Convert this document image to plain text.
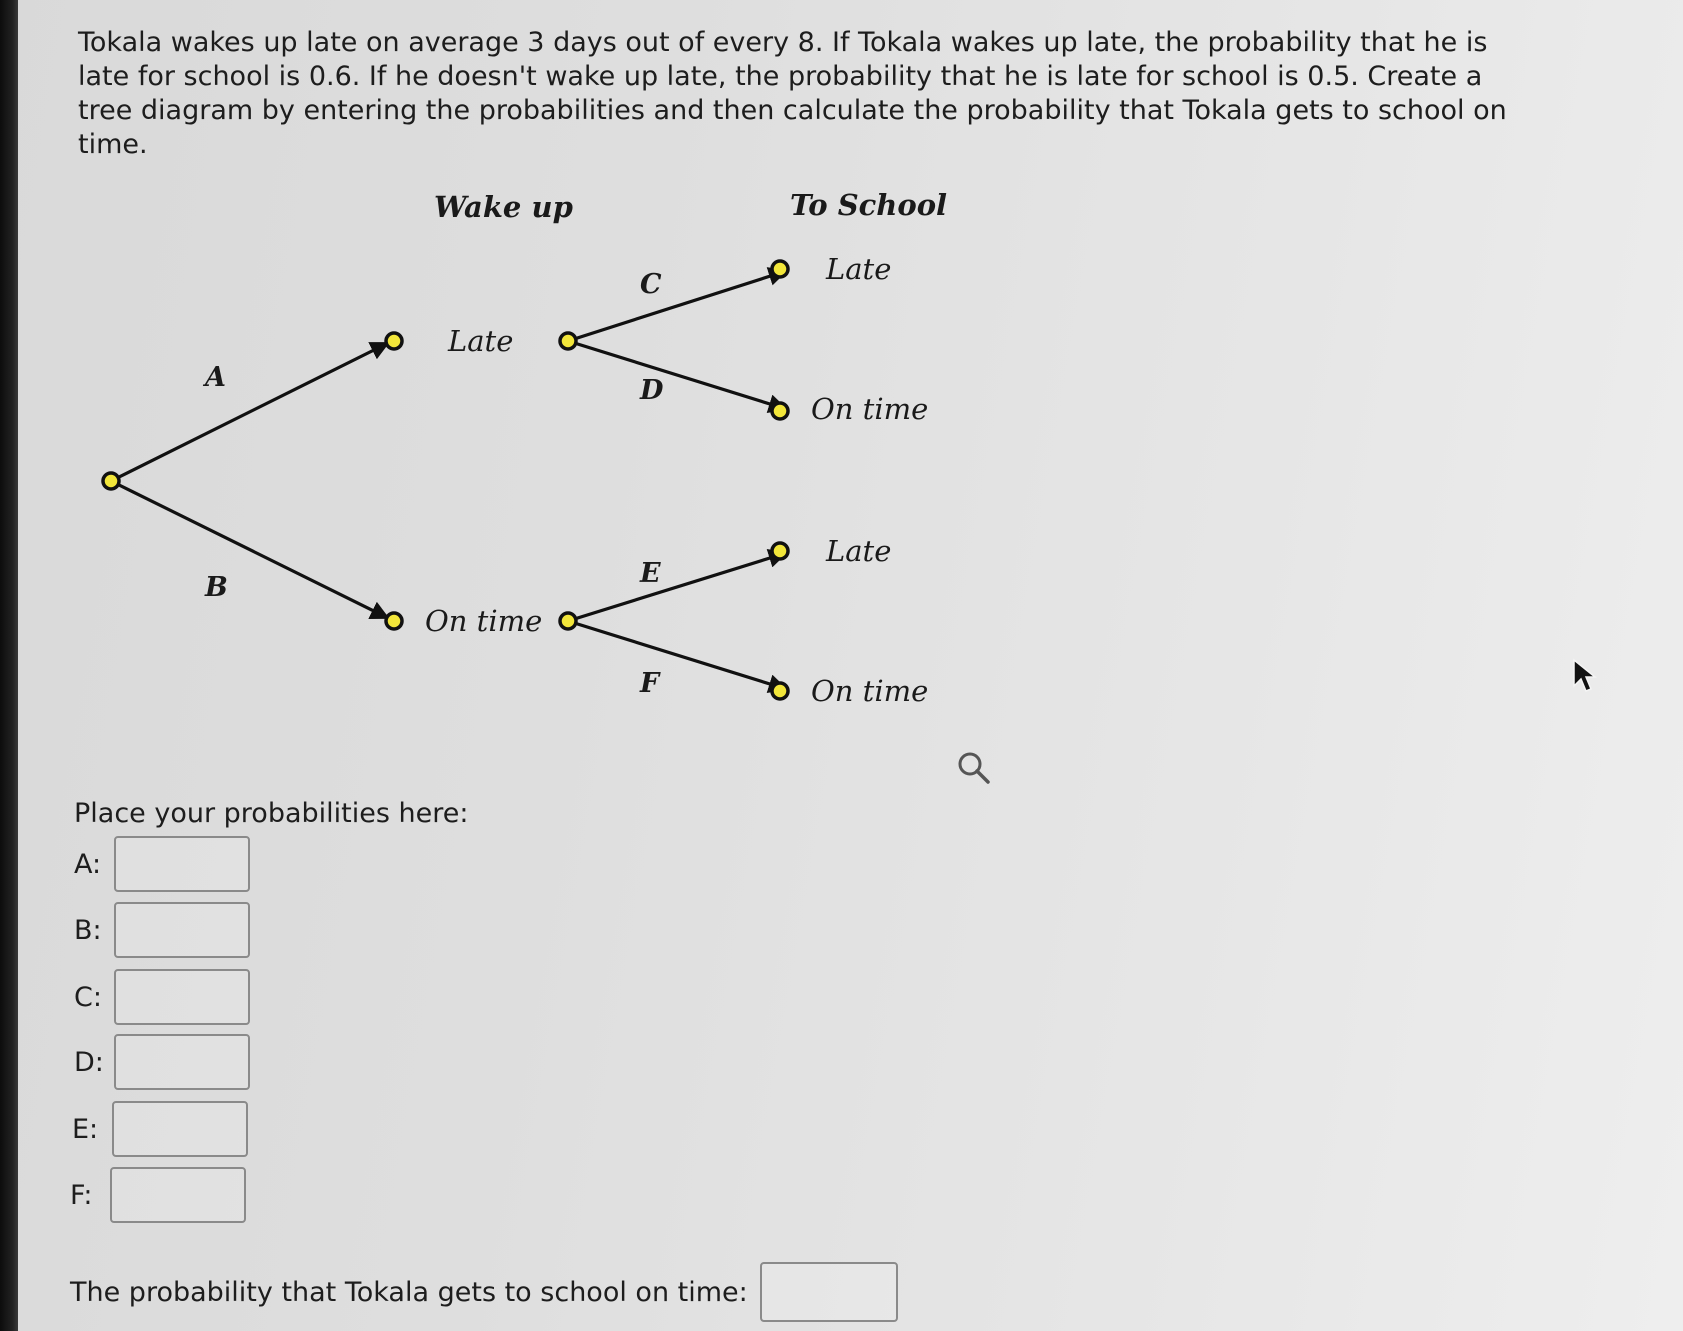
Tokala wakes up late on average 3 days out of every 8. If Tokala wakes up late, the probability that he is late for school is 0.6. If he doesn't wake up late, the probability that he is late for school is 0.5. Create a tree diagram by entering the probabilities and then calculate the probability that Tokala gets to school on time.

Wake up	To School
A
B
C
D
E
F
Late
On time
Late
On time
Late
On time
Place your probabilities here:
A:
B:
C:
D:
E:
F:
The probability that Tokala gets to school on time:
